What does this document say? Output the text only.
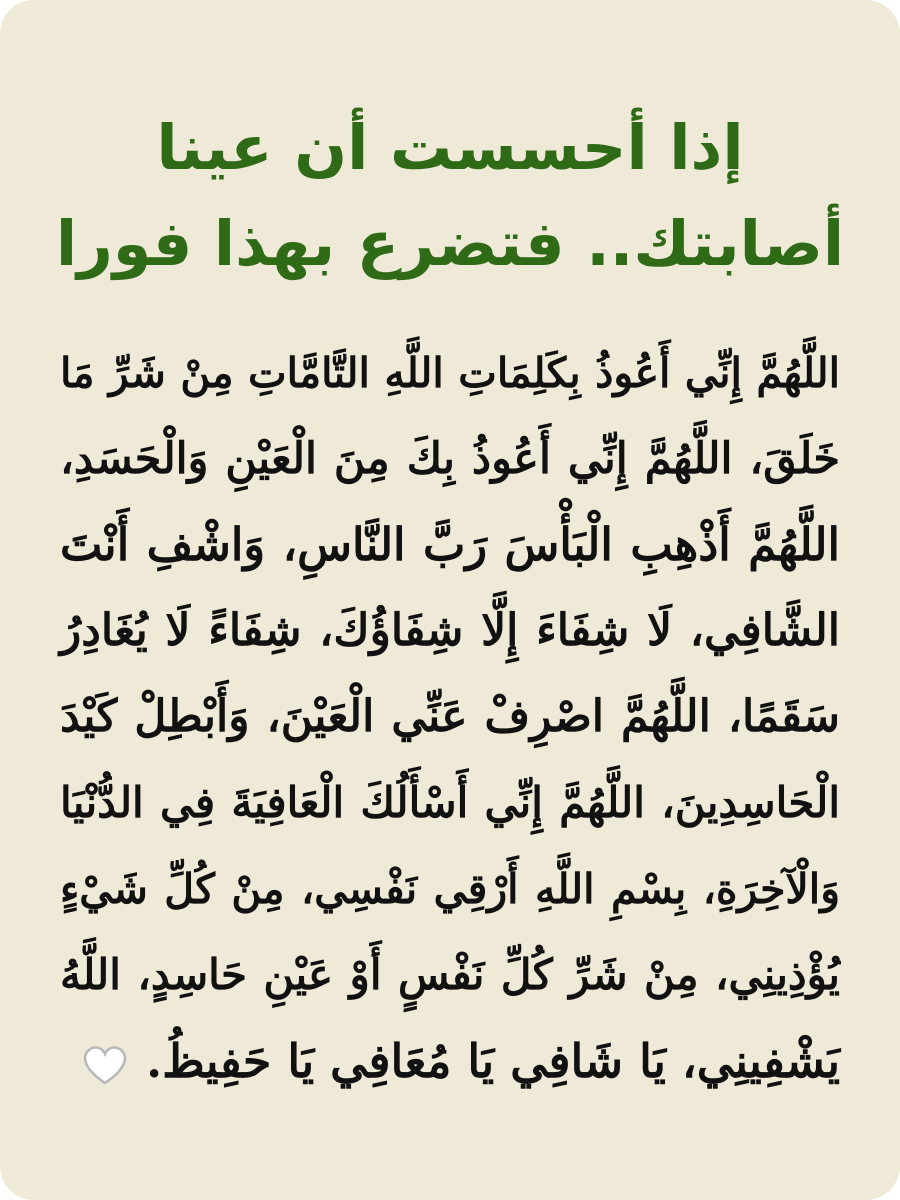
إذا أحسست أن عينا
أصابتك.. فتضرع بهذا فورا
اللَّهُمَّ إِنِّي أَعُوذُ بِكَلِمَاتِ اللَّهِ التَّامَّاتِ مِنْ شَرِّ مَا
خَلَقَ، اللَّهُمَّ إِنِّي أَعُوذُ بِكَ مِنَ الْعَيْنِ وَالْحَسَدِ،
اللَّهُمَّ أَذْهِبِ الْبَأْسَ رَبَّ النَّاسِ، وَاشْفِ أَنْتَ
الشَّافِي، لَا شِفَاءَ إِلَّا شِفَاؤُكَ، شِفَاءً لَا يُغَادِرُ
سَقَمًا، اللَّهُمَّ اصْرِفْ عَنِّي الْعَيْنَ، وَأَبْطِلْ كَيْدَ
الْحَاسِدِينَ، اللَّهُمَّ إِنِّي أَسْأَلُكَ الْعَافِيَةَ فِي الدُّنْيَا
وَالْآخِرَةِ، بِسْمِ اللَّهِ أَرْقِي نَفْسِي، مِنْ كُلِّ شَيْءٍ
يُؤْذِينِي، مِنْ شَرِّ كُلِّ نَفْسٍ أَوْ عَيْنِ حَاسِدٍ، اللَّهُ
يَشْفِينِي، يَا شَافِي يَا مُعَافِي يَا حَفِيظُ.
